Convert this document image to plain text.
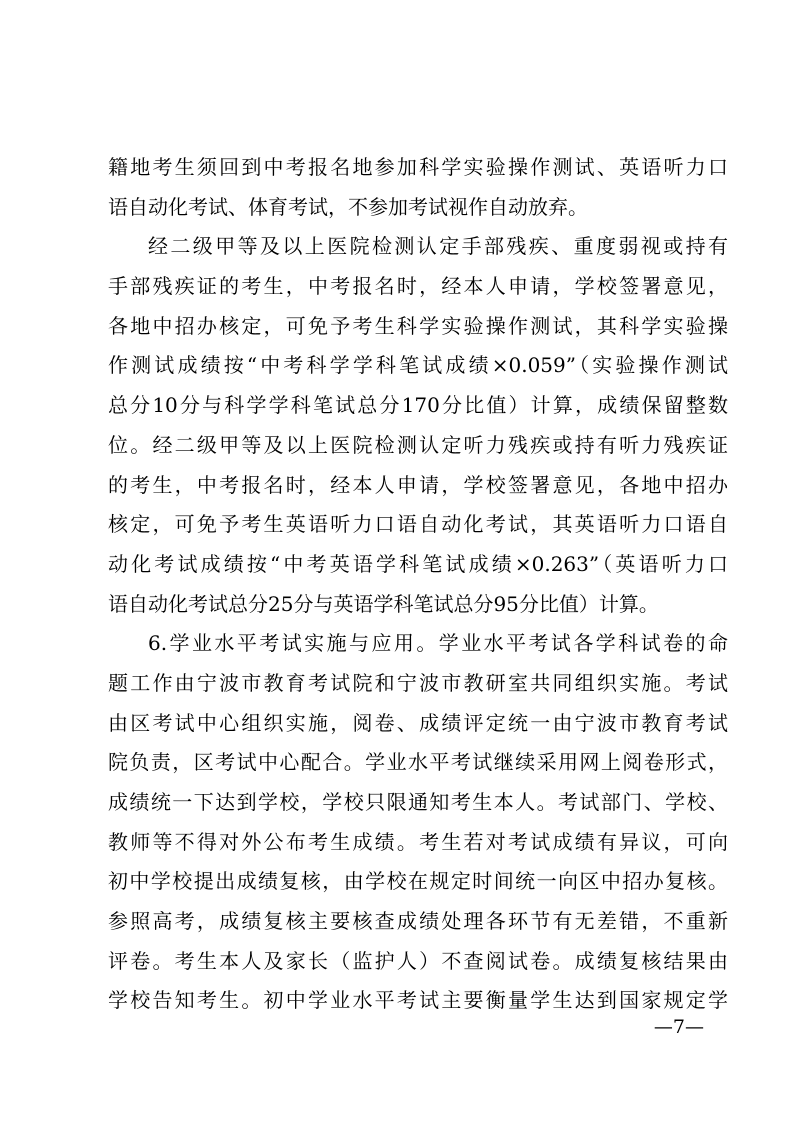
籍地考生须回到中考报名地参加科学实验操作测试、英语听力口
语自动化考试、体育考试，不参加考试视作自动放弃。
经二级甲等及以上医院检测认定手部残疾、重度弱视或持有
手部残疾证的考生，中考报名时，经本人申请，学校签署意见，
各地中招办核定，可免予考生科学实验操作测试，其科学实验操
作测试成绩按“中考科学学科笔试成绩×0.059”（实验操作测试
总分10分与科学学科笔试总分170分比值）计算，成绩保留整数
位。经二级甲等及以上医院检测认定听力残疾或持有听力残疾证
的考生，中考报名时，经本人申请，学校签署意见，各地中招办
核定，可免予考生英语听力口语自动化考试，其英语听力口语自
动化考试成绩按“中考英语学科笔试成绩×0.263”（英语听力口
语自动化考试总分25分与英语学科笔试总分95分比值）计算。
6.学业水平考试实施与应用。学业水平考试各学科试卷的命
题工作由宁波市教育考试院和宁波市教研室共同组织实施。考试
由区考试中心组织实施，阅卷、成绩评定统一由宁波市教育考试
院负责，区考试中心配合。学业水平考试继续采用网上阅卷形式，
成绩统一下达到学校，学校只限通知考生本人。考试部门、学校、
教师等不得对外公布考生成绩。考生若对考试成绩有异议，可向
初中学校提出成绩复核，由学校在规定时间统一向区中招办复核。
参照高考，成绩复核主要核查成绩处理各环节有无差错，不重新
评卷。考生本人及家长（监护人）不查阅试卷。成绩复核结果由
学校告知考生。初中学业水平考试主要衡量学生达到国家规定学
—7—
